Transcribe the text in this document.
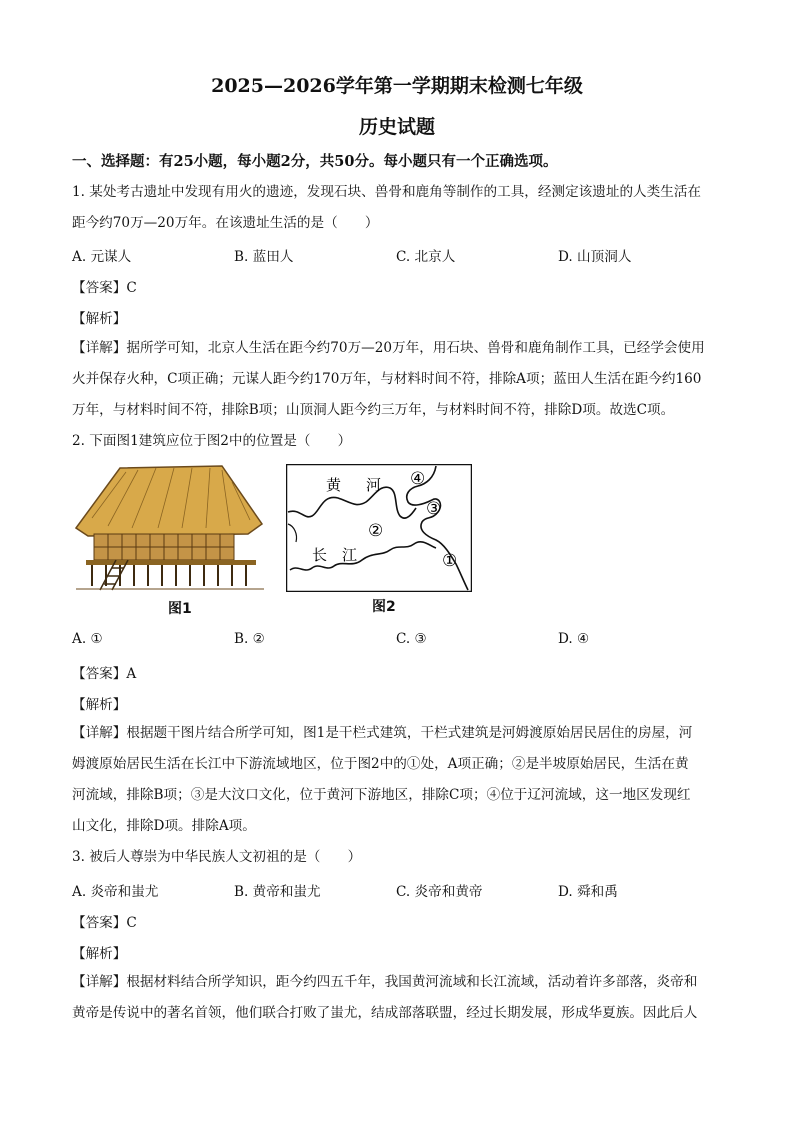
2025—2026学年第一学期期末检测七年级
历史试题
一、选择题：有25小题，每小题2分，共50分。每小题只有一个正确选项。
1. 某处考古遗址中发现有用火的遗迹，发现石块、兽骨和鹿角等制作的工具，经测定该遗址的人类生活在
距今约70万—20万年。在该遗址生活的是（　　）
A. 元谋人	B. 蓝田人	C. 北京人	D. 山顶洞人
【答案】C
【解析】
【详解】据所学可知，北京人生活在距今约70万—20万年，用石块、兽骨和鹿角制作工具，已经学会使用
火并保存火种，C项正确；元谋人距今约170万年，与材料时间不符，排除A项；蓝田人生活在距今约160
万年，与材料时间不符，排除B项；山顶洞人距今约三万年，与材料时间不符，排除D项。故选C项。
2. 下面图1建筑应位于图2中的位置是（　　）
图1
黄 河
长 江
④
③
②
①
图2
A. ①	B. ②	C. ③	D. ④
【答案】A
【解析】
【详解】根据题干图片结合所学可知，图1是干栏式建筑，干栏式建筑是河姆渡原始居民居住的房屋，河
姆渡原始居民生活在长江中下游流域地区，位于图2中的①处，A项正确；②是半坡原始居民，生活在黄
河流域，排除B项；③是大汶口文化，位于黄河下游地区，排除C项；④位于辽河流域，这一地区发现红
山文化，排除D项。排除A项。
3. 被后人尊崇为中华民族人文初祖的是（　　）
A. 炎帝和蚩尤	B. 黄帝和蚩尤	C. 炎帝和黄帝	D. 舜和禹
【答案】C
【解析】
【详解】根据材料结合所学知识，距今约四五千年，我国黄河流域和长江流域，活动着许多部落，炎帝和
黄帝是传说中的著名首领，他们联合打败了蚩尤，结成部落联盟，经过长期发展，形成华夏族。因此后人
